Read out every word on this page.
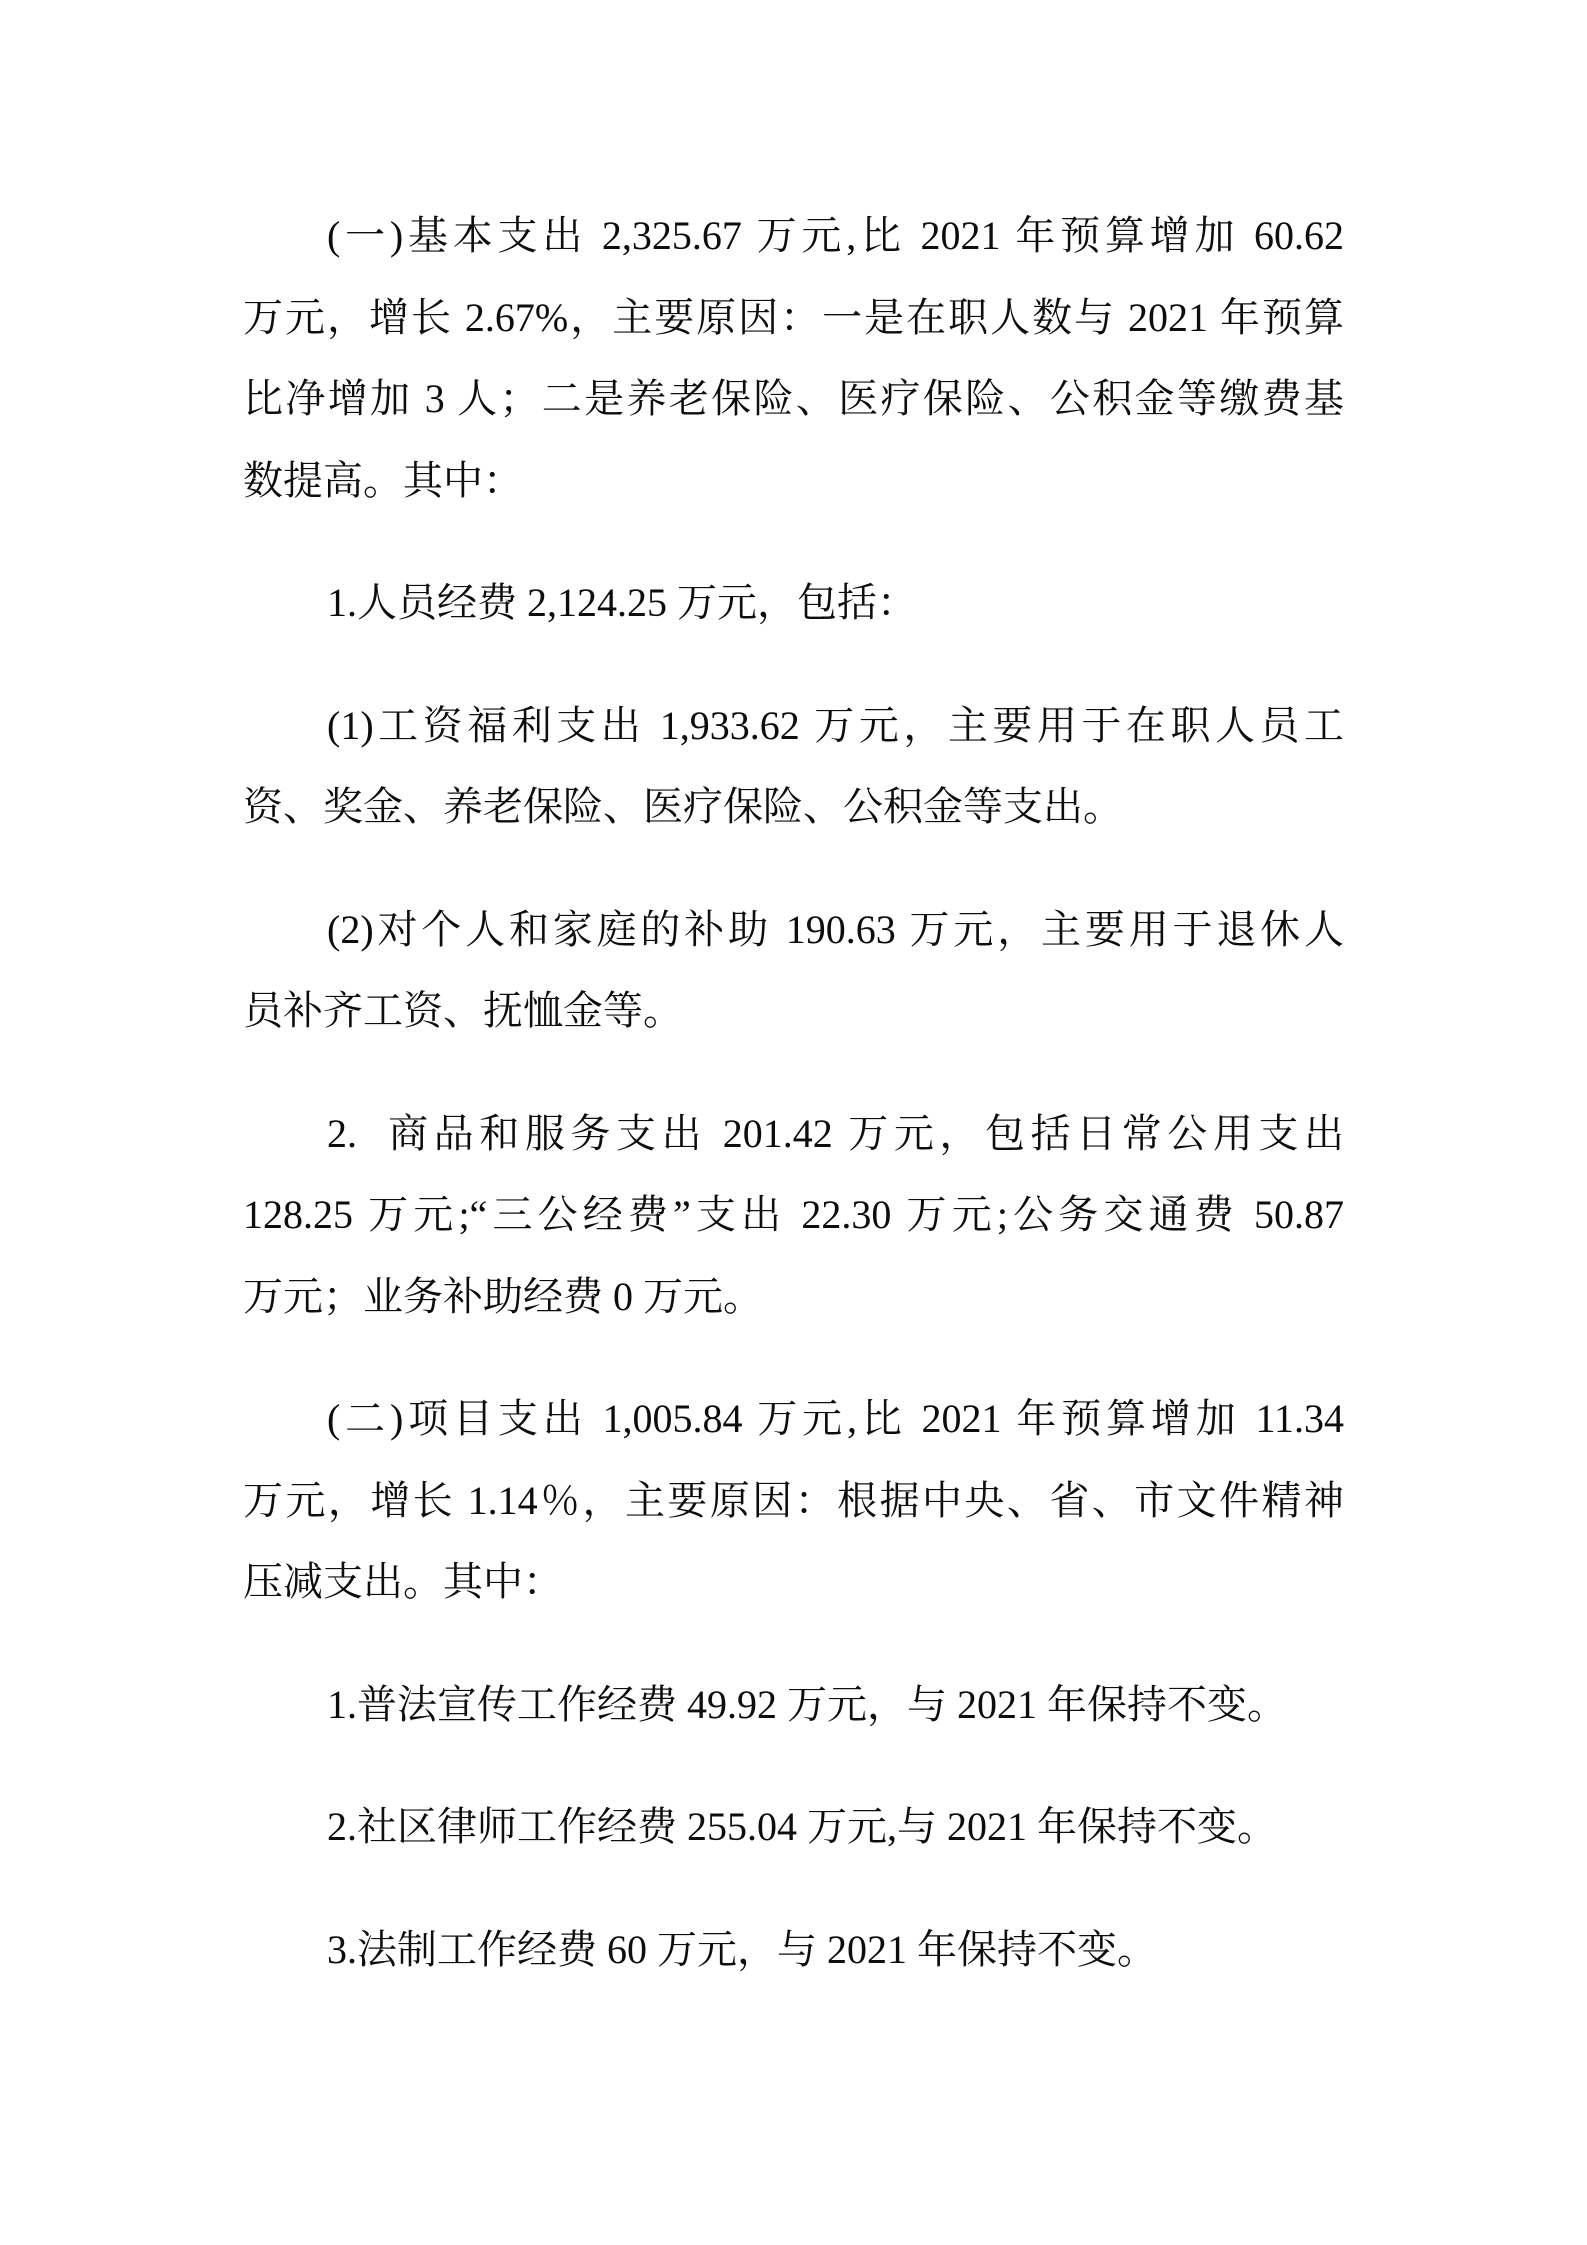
(一)基本支出 2,325.67 万元,比 2021 年预算增加 60.62
万元，增长 2.67%，主要原因：一是在职人数与 2021 年预算
比净增加 3 人；二是养老保险、医疗保险、公积金等缴费基
数提高。其中：
1.人员经费 2,124.25 万元，包括：
(1)工资福利支出 1,933.62 万元，主要用于在职人员工
资、奖金、养老保险、医疗保险、公积金等支出。
(2)对个人和家庭的补助 190.63 万元，主要用于退休人
员补齐工资、抚恤金等。
2.  商品和服务支出 201.42 万元，包括日常公用支出
128.25 万元;“三公经费”支出 22.30 万元;公务交通费 50.87
万元；业务补助经费 0 万元。
(二)项目支出 1,005.84 万元,比 2021 年预算增加 11.34
万元，增长 1.14％，主要原因：根据中央、省、市文件精神
压减支出。其中：
1.普法宣传工作经费 49.92 万元，与 2021 年保持不变。
2.社区律师工作经费 255.04 万元,与 2021 年保持不变。
3.法制工作经费 60 万元，与 2021 年保持不变。
